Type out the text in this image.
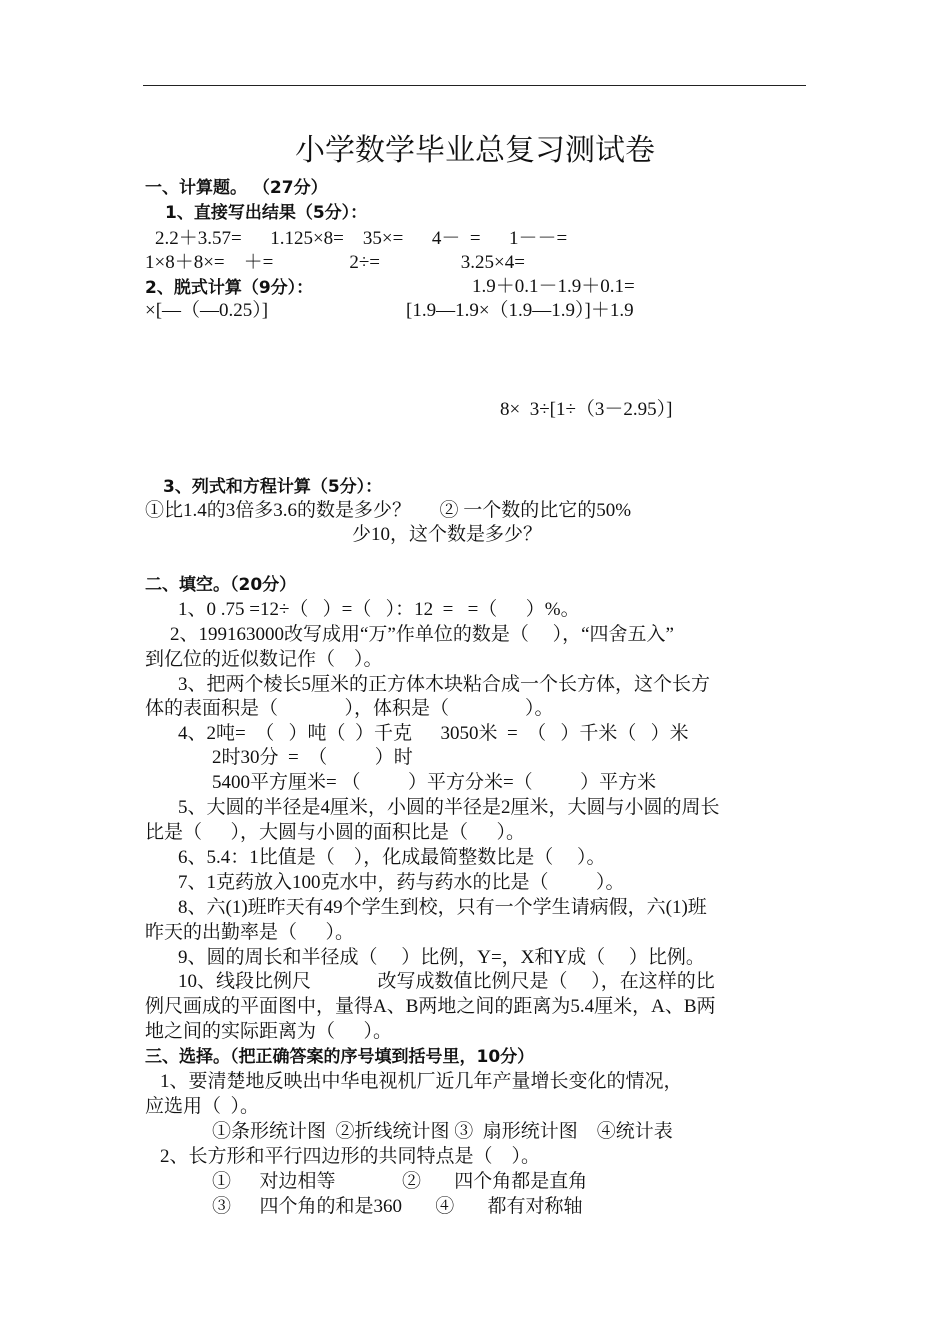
小学数学毕业总复习测试卷
一、计算题。 （27分）
1、直接写出结果（5分）：
2.2＋3.57=      1.125×8=    35×=      4－  =      1－－=
1×8＋8×=    ＋=                2÷=                 3.25×4=
2、脱式计算（9分）：	1.9＋0.1－1.9＋0.1=
×[—（—0.25）]	[1.9—1.9×（1.9—1.9）]＋1.9
8×  3÷[1÷（3－2.95）]
3、列式和方程计算（5分）：
①比1.4的3倍多3.6的数是多少？      ② 一个数的比它的50%
少10，这个数是多少？
二、填空。（20分）
1、0 .75 =12÷（   ）=（   ）：12  =   =（      ）%。
2、199163000改写成用“万”作单位的数是（     ），“四舍五入”
到亿位的近似数记作（    ）。
3、把两个棱长5厘米的正方体木块粘合成一个长方体，这个长方
体的表面积是（              ），体积是（                ）。
4、2吨=  （   ）吨（  ）千克      3050米  =  （   ）千米（   ）米
2时30分  =  （          ）时
5400平方厘米= （          ）平方分米=（          ）平方米
5、大圆的半径是4厘米，小圆的半径是2厘米，大圆与小圆的周长
比是（      ），大圆与小圆的面积比是（      ）。
6、5.4：1比值是（    ），化成最简整数比是（     ）。
7、1克药放入100克水中，药与药水的比是（          ）。
8、六(1)班昨天有49个学生到校，只有一个学生请病假，六(1)班
昨天的出勤率是（      ）。
9、圆的周长和半径成（     ）比例，Y=，X和Y成（     ）比例。
10、线段比例尺              改写成数值比例尺是（     ），在这样的比
例尺画成的平面图中，量得A、B两地之间的距离为5.4厘米，A、B两
地之间的实际距离为（      ）。
三、选择。（把正确答案的序号填到括号里，10分）
1、要清楚地反映出中华电视机厂近几年产量增长变化的情况，
应选用（  ）。
①条形统计图  ②折线统计图 ③  扇形统计图    ④统计表
2、长方形和平行四边形的共同特点是（    ）。
①      对边相等              ②       四个角都是直角
③      四个角的和是360       ④       都有对称轴
